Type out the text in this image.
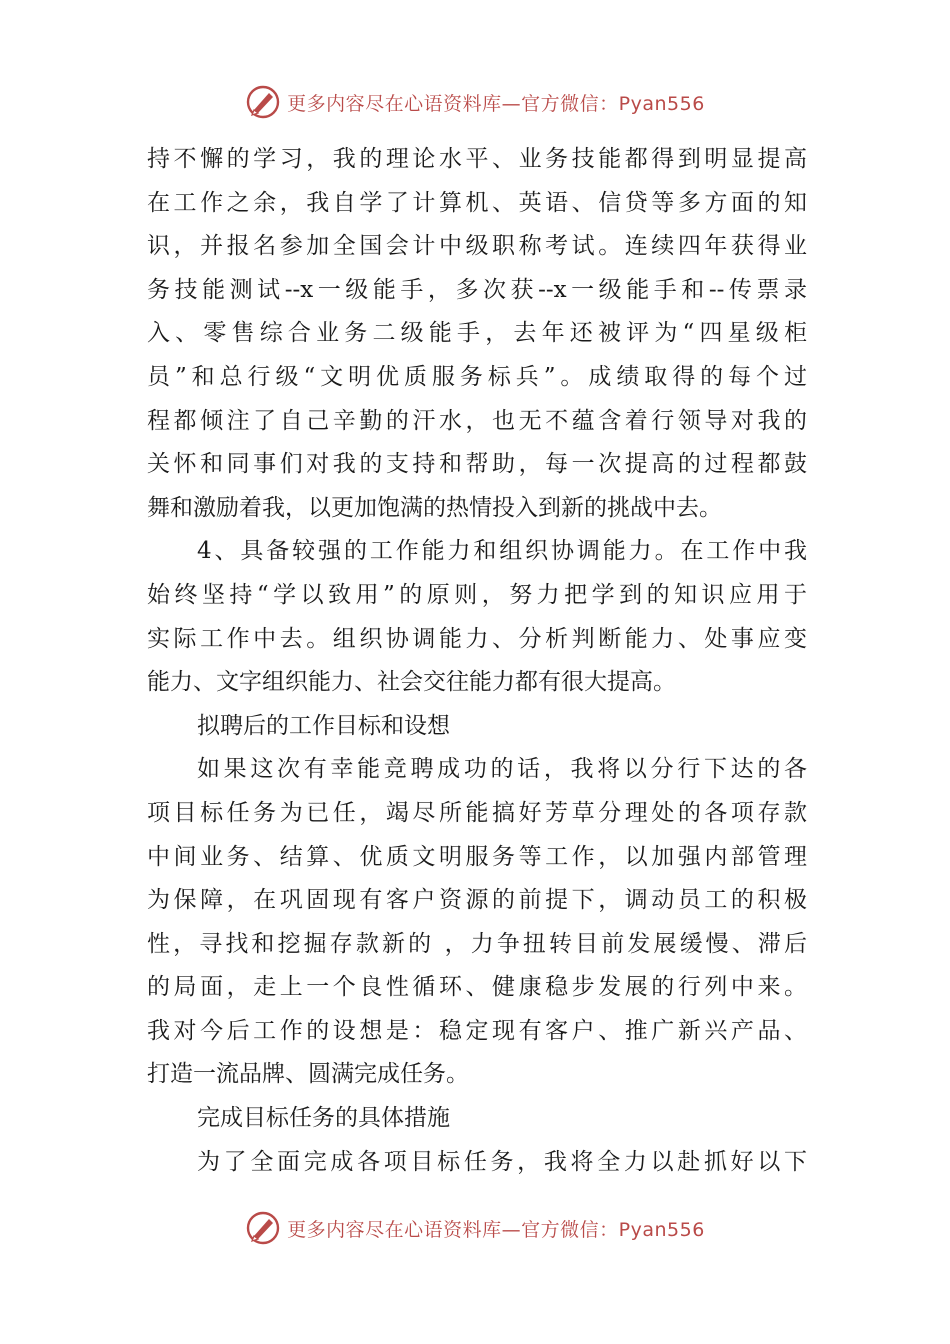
更多内容尽在心语资料库—官方微信：Pyan556
持不懈的学习，我的理论水平、业务技能都得到明显提高
在工作之余，我自学了计算机、英语、信贷等多方面的知
识，并报名参加全国会计中级职称考试。连续四年获得业
务技能测试--x一级能手，多次获--x一级能手和--传票录
入、零售综合业务二级能手，去年还被评为“四星级柜
员”和总行级“文明优质服务标兵”。成绩取得的每个过
程都倾注了自己辛勤的汗水，也无不蕴含着行领导对我的
关怀和同事们对我的支持和帮助，每一次提高的过程都鼓
舞和激励着我，以更加饱满的热情投入到新的挑战中去。
4、具备较强的工作能力和组织协调能力。在工作中我
始终坚持“学以致用”的原则，努力把学到的知识应用于
实际工作中去。组织协调能力、分析判断能力、处事应变
能力、文字组织能力、社会交往能力都有很大提高。
拟聘后的工作目标和设想
如果这次有幸能竞聘成功的话，我将以分行下达的各
项目标任务为已任，竭尽所能搞好芳草分理处的各项存款
中间业务、结算、优质文明服务等工作，以加强内部管理
为保障，在巩固现有客户资源的前提下，调动员工的积极
性，寻找和挖掘存款新的 ，力争扭转目前发展缓慢、滞后
的局面，走上一个良性循环、健康稳步发展的行列中来。
我对今后工作的设想是：稳定现有客户、推广新兴产品、
打造一流品牌、圆满完成任务。
完成目标任务的具体措施
为了全面完成各项目标任务，我将全力以赴抓好以下
更多内容尽在心语资料库—官方微信：Pyan556
